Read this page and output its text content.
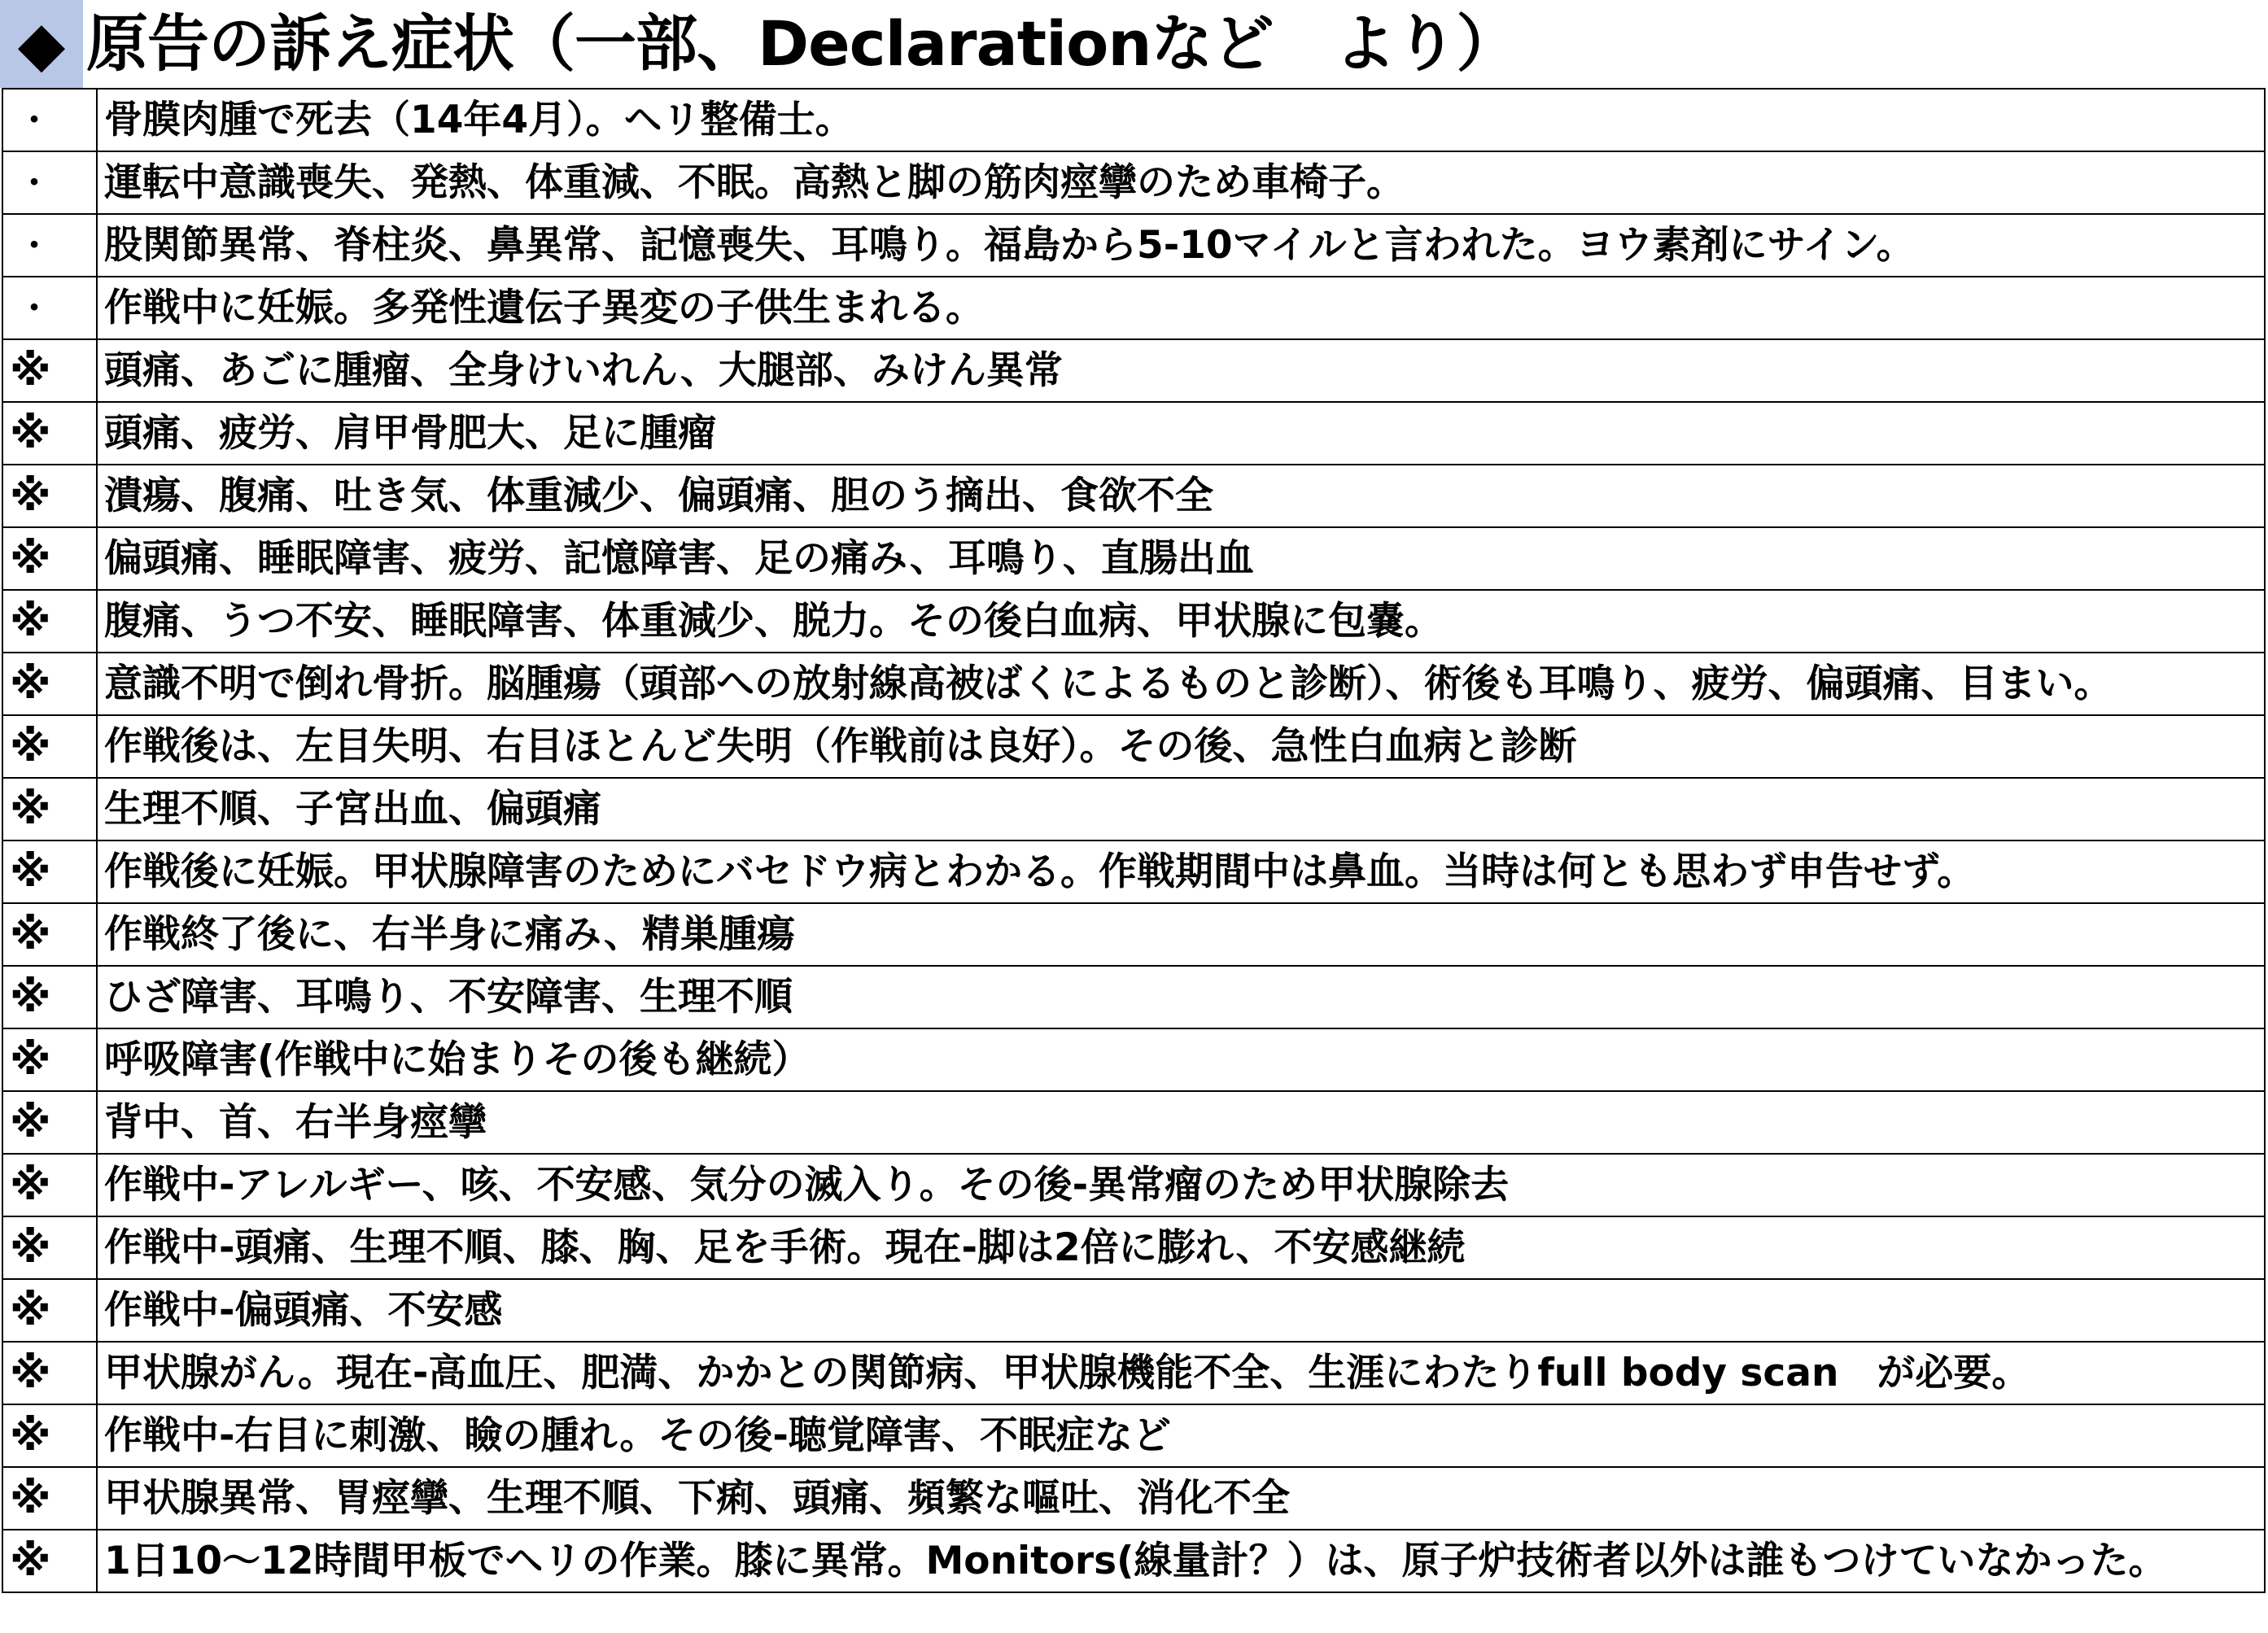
◆ 原告の訴え症状（一部、Declarationなど　より）
・	骨膜肉腫で死去（14年4月）。ヘリ整備士。
・	運転中意識喪失、発熱、体重減、不眠。高熱と脚の筋肉痙攣のため車椅子。
・	股関節異常、脊柱炎、鼻異常、記憶喪失、耳鳴り。福島から5-10マイルと言われた。ヨウ素剤にサイン。
・	作戦中に妊娠。多発性遺伝子異変の子供生まれる。
※	頭痛、あごに腫瘤、全身けいれん、大腿部、みけん異常
※	頭痛、疲労、肩甲骨肥大、足に腫瘤
※	潰瘍、腹痛、吐き気、体重減少、偏頭痛、胆のう摘出、食欲不全
※	偏頭痛、睡眠障害、疲労、記憶障害、足の痛み、耳鳴り、直腸出血
※	腹痛、うつ不安、睡眠障害、体重減少、脱力。その後白血病、甲状腺に包嚢。
※	意識不明で倒れ骨折。脳腫瘍（頭部への放射線高被ばくによるものと診断）、術後も耳鳴り、疲労、偏頭痛、目まい。
※	作戦後は、左目失明、右目ほとんど失明（作戦前は良好）。その後、急性白血病と診断
※	生理不順、子宮出血、偏頭痛
※	作戦後に妊娠。甲状腺障害のためにバセドウ病とわかる。作戦期間中は鼻血。当時は何とも思わず申告せず。
※	作戦終了後に、右半身に痛み、精巣腫瘍
※	ひざ障害、耳鳴り、不安障害、生理不順
※	呼吸障害(作戦中に始まりその後も継続）
※	背中、首、右半身痙攣
※	作戦中-アレルギー、咳、不安感、気分の滅入り。その後-異常瘤のため甲状腺除去
※	作戦中-頭痛、生理不順、膝、胸、足を手術。現在-脚は2倍に膨れ、不安感継続
※	作戦中-偏頭痛、不安感
※	甲状腺がん。現在-高血圧、肥満、かかとの関節病、甲状腺機能不全、生涯にわたりfull body scan　が必要。
※	作戦中-右目に刺激、瞼の腫れ。その後-聴覚障害、不眠症など
※	甲状腺異常、胃痙攣、生理不順、下痢、頭痛、頻繁な嘔吐、消化不全
※	1日10～12時間甲板でヘリの作業。膝に異常。Monitors(線量計？）は、原子炉技術者以外は誰もつけていなかった。
